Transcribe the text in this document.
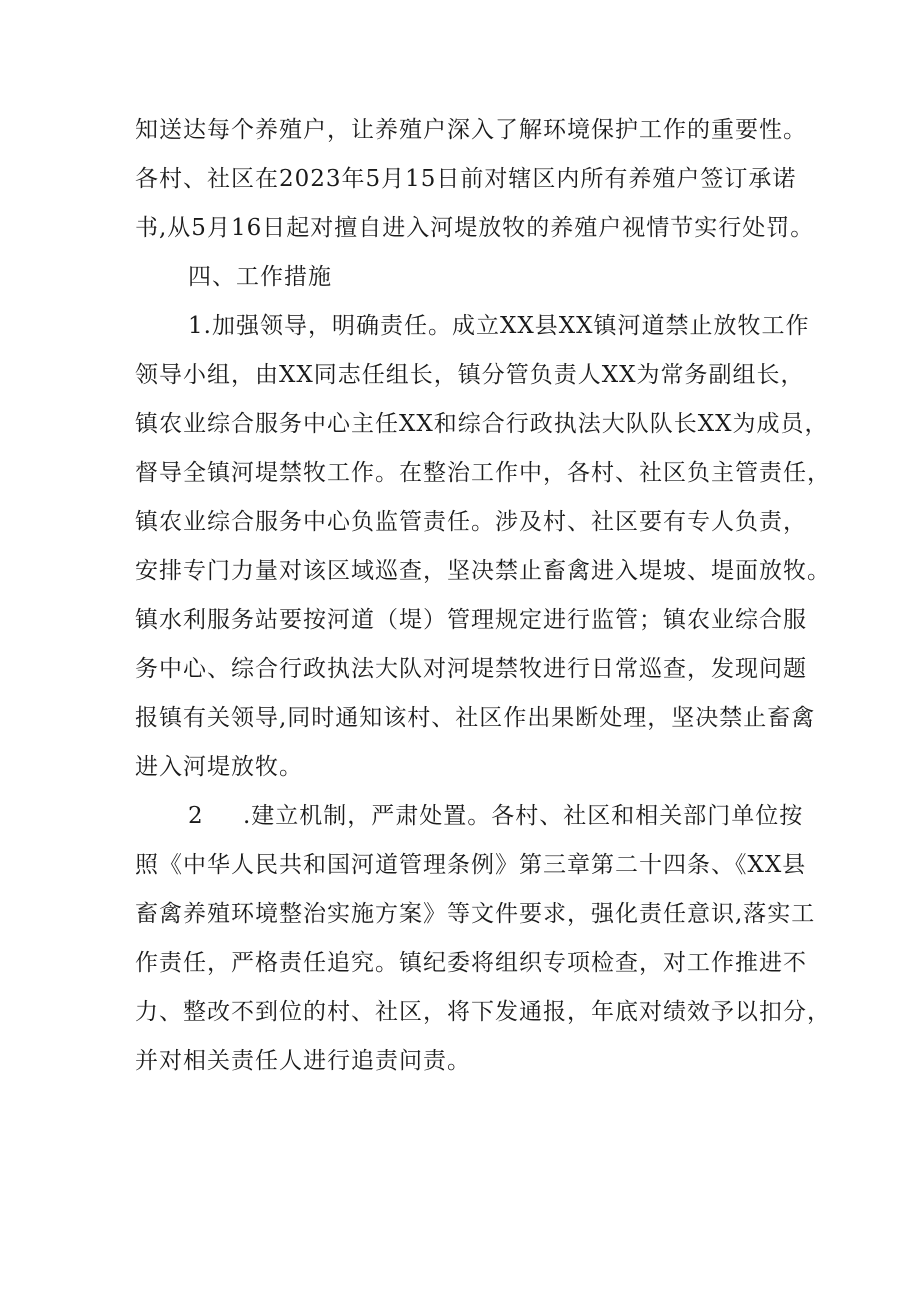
知送达每个养殖户，让养殖户深入了解环境保护工作的重要性。
各村、社区在2023年5月15日前对辖区内所有养殖户签订承诺
书,从5月16日起对擅自进入河堤放牧的养殖户视情节实行处罚。
四、工作措施
1.加强领导，明确责任。成立XX县XX镇河道禁止放牧工作
领导小组，由XX同志任组长，镇分管负责人XX为常务副组长，
镇农业综合服务中心主任XX和综合行政执法大队队长XX为成员，
督导全镇河堤禁牧工作。在整治工作中，各村、社区负主管责任，
镇农业综合服务中心负监管责任。涉及村、社区要有专人负责，
安排专门力量对该区域巡查，坚决禁止畜禽进入堤坡、堤面放牧。
镇水利服务站要按河道（堤）管理规定进行监管；镇农业综合服
务中心、综合行政执法大队对河堤禁牧进行日常巡查，发现问题
报镇有关领导,同时通知该村、社区作出果断处理，坚决禁止畜禽
进入河堤放牧。
2 .建立机制，严肃处置。各村、社区和相关部门单位按
照《中华人民共和国河道管理条例》第三章第二十四条、《XX县
畜禽养殖环境整治实施方案》等文件要求，强化责任意识,落实工
作责任，严格责任追究。镇纪委将组织专项检查，对工作推进不
力、整改不到位的村、社区，将下发通报，年底对绩效予以扣分，
并对相关责任人进行追责问责。
